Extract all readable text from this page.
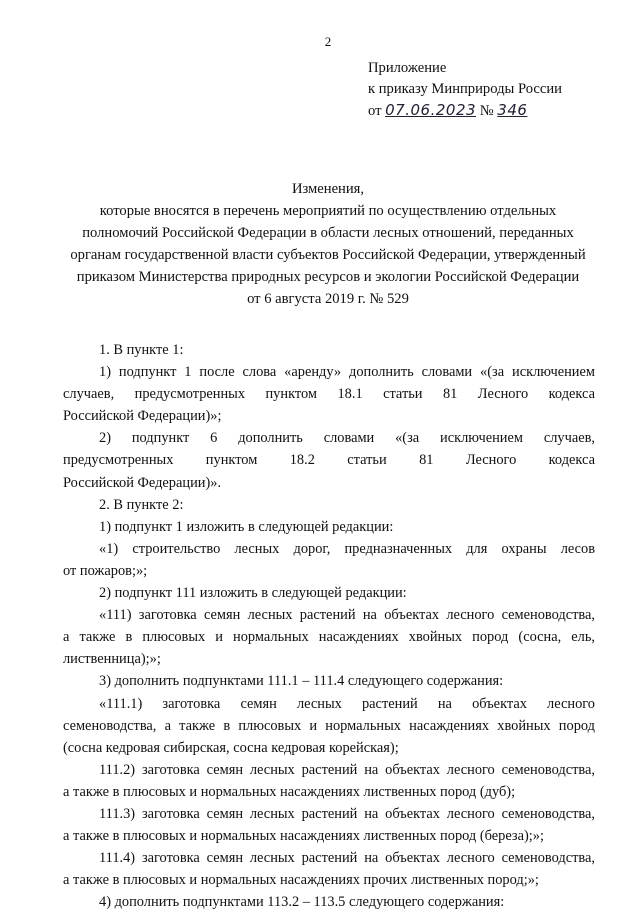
2
Приложение
к приказу Минприроды России
от 07.06.2023 № 346
Изменения,
которые вносятся в перечень мероприятий по осуществлению отдельных
полномочий Российской Федерации в области лесных отношений, переданных
органам государственной власти субъектов Российской Федерации, утвержденный
приказом Министерства природных ресурсов и экологии Российской Федерации
от 6 августа 2019 г. № 529

1. В пункте 1:

1) подпункт 1 после слова «аренду» дополнить словами «(за исключением

случаев, предусмотренных пунктом 18.1 статьи 81 Лесного кодекса

Российской Федерации)»;

2) подпункт 6 дополнить словами «(за исключением случаев,

предусмотренных пунктом 18.2 статьи 81 Лесного кодекса

Российской Федерации)».

2. В пункте 2:

1) подпункт 1 изложить в следующей редакции:

«1) строительство лесных дорог, предназначенных для охраны лесов

от пожаров;»;

2) подпункт 111 изложить в следующей редакции:

«111) заготовка семян лесных растений на объектах лесного семеноводства,

а также в плюсовых и нормальных насаждениях хвойных пород (сосна, ель,

лиственница);»;

3) дополнить подпунктами 111.1 – 111.4 следующего содержания:

«111.1) заготовка семян лесных растений на объектах лесного

семеноводства, а также в плюсовых и нормальных насаждениях хвойных пород

(сосна кедровая сибирская, сосна кедровая корейская);

111.2) заготовка семян лесных растений на объектах лесного семеноводства,

а также в плюсовых и нормальных насаждениях лиственных пород (дуб);

111.3) заготовка семян лесных растений на объектах лесного семеноводства,

а также в плюсовых и нормальных насаждениях лиственных пород (береза);»;

111.4) заготовка семян лесных растений на объектах лесного семеноводства,

а также в плюсовых и нормальных насаждениях прочих лиственных пород;»;

4) дополнить подпунктами 113.2 – 113.5 следующего содержания:
